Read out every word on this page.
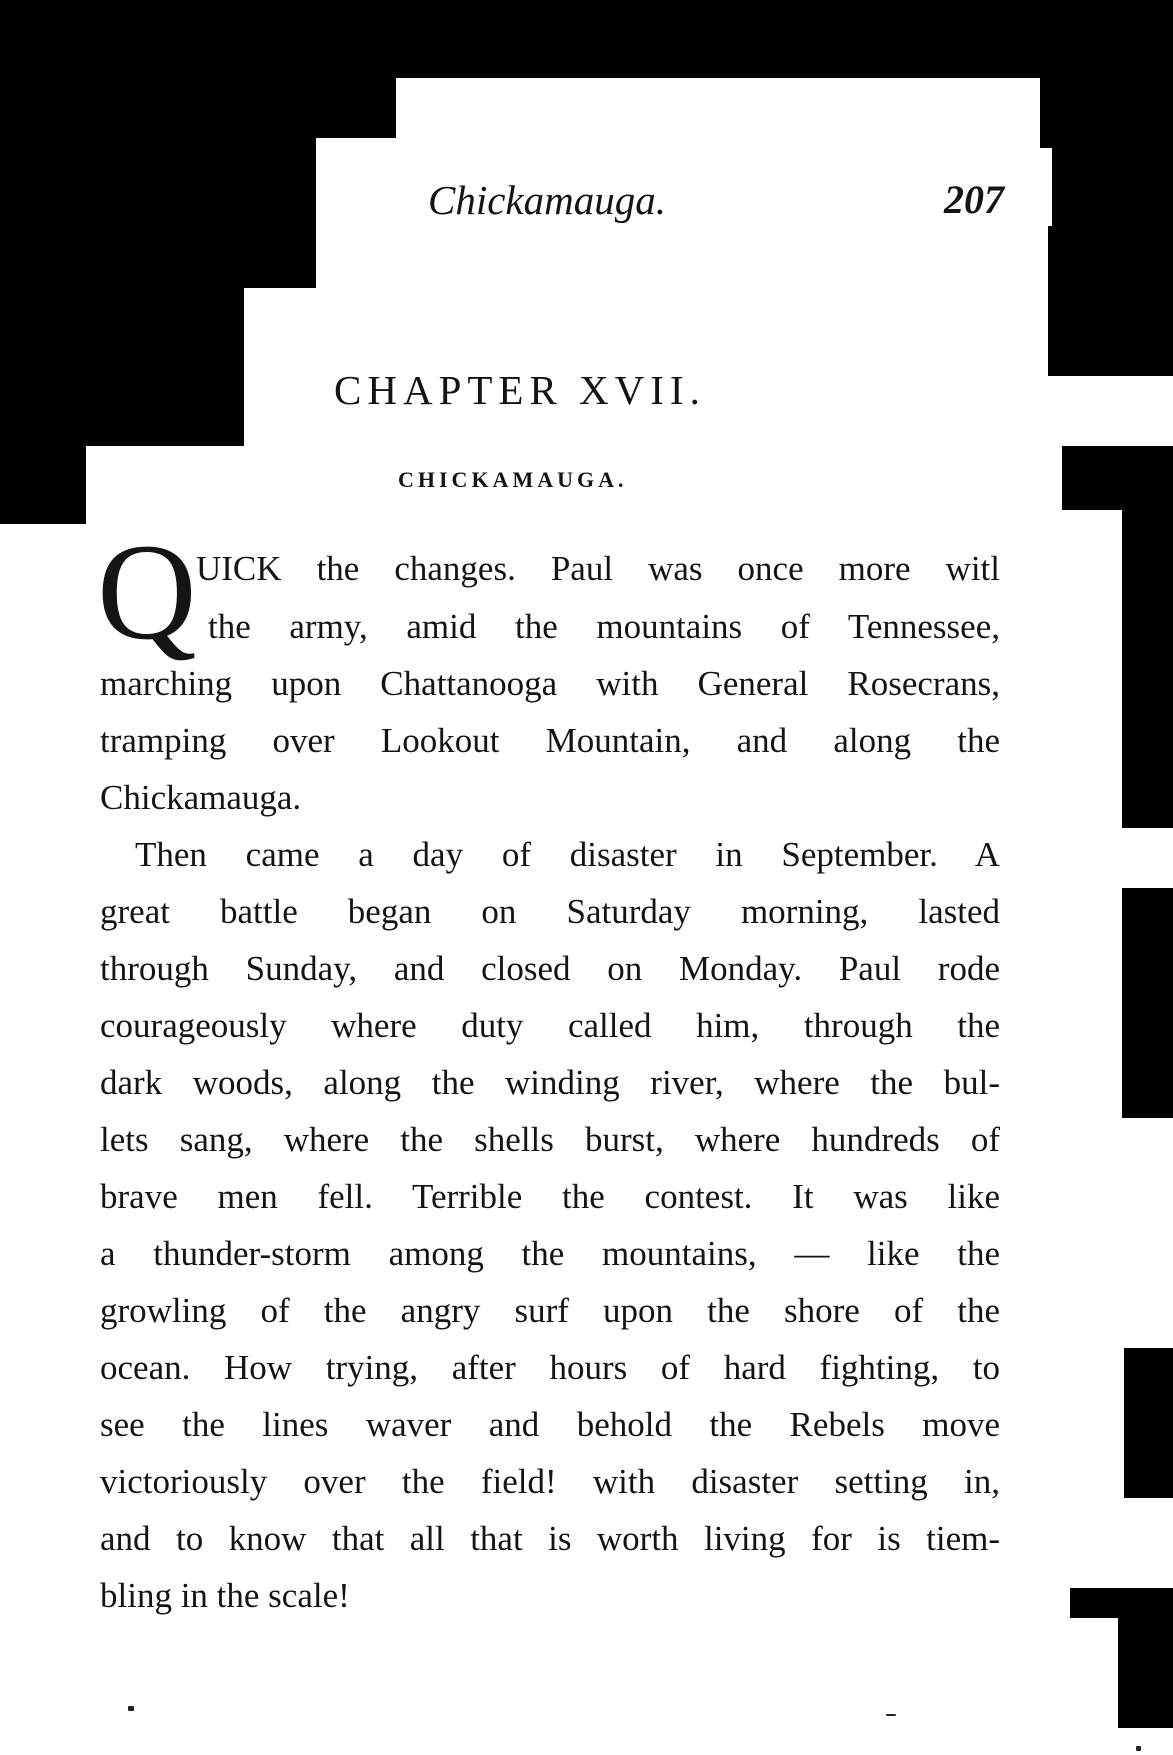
Chickamauga.	207
CHAPTER XVII.
CHICKAMAUGA.
Q UICK the changes. Paul was once more witl
the army, amid the mountains of Tennessee,
marching upon Chattanooga with General Rosecrans,
tramping over Lookout Mountain, and along the
Chickamauga.
Then came a day of disaster in September. A
great battle began on Saturday morning, lasted
through Sunday, and closed on Monday. Paul rode
courageously where duty called him, through the
dark woods, along the winding river, where the bul-
lets sang, where the shells burst, where hundreds of
brave men fell. Terrible the contest. It was like
a thunder-storm among the mountains, — like the
growling of the angry surf upon the shore of the
ocean. How trying, after hours of hard fighting, to
see the lines waver and behold the Rebels move
victoriously over the field! with disaster setting in,
and to know that all that is worth living for is tiem-
bling in the scale!
